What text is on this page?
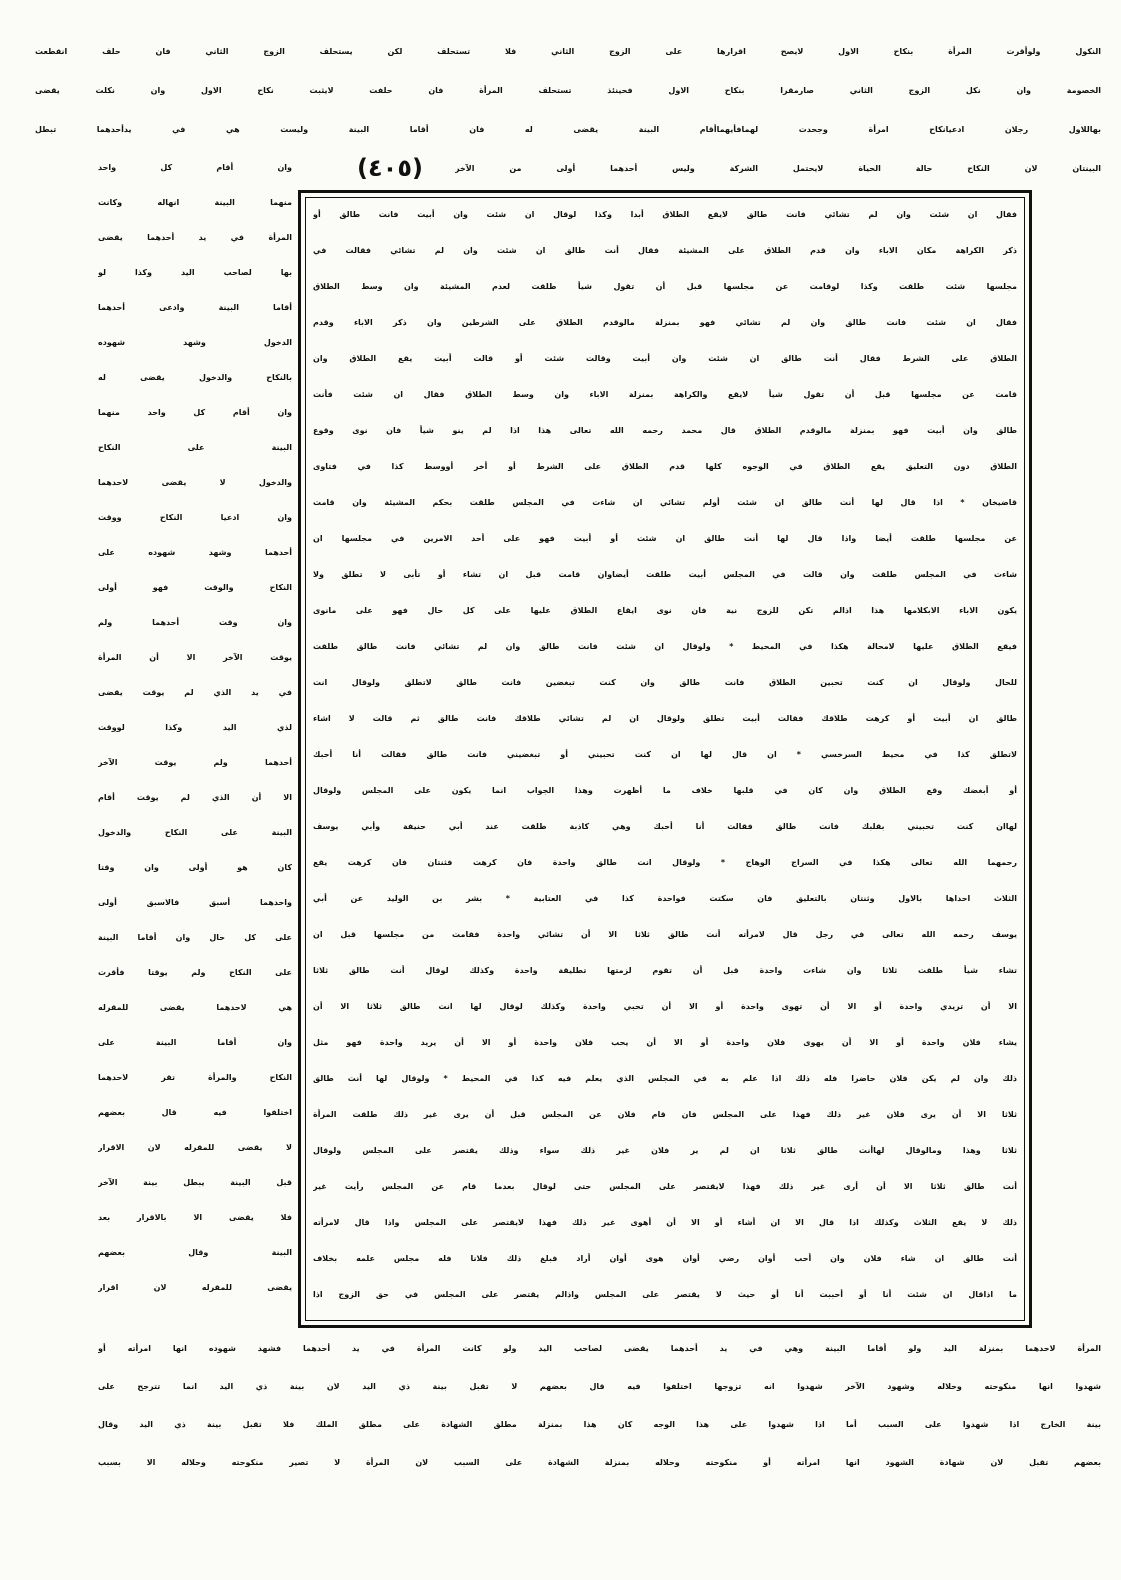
النكول ولوأقرت المرأة بنكاح الاول لايصح اقرارها على الزوج الثاني فلا تستحلف لكن يستحلف الزوج الثاني فان حلف انقطعت
الخصومة وان نكل الزوج الثاني صارمقرا بنكاح الاول فحينئذ تستحلف المرأة فان حلفت لايثبت نكاح الاول وان نكلت يقضى
بهاللاول رجلان ادعيانكاح امرأة وجحدت لهمافأيهماأقام البينة يقضى له فان أقاما البينة وليست هي في يدأحدهما تبطل
البينتان لان النكاح حالة الحياة لايحتمل الشركة وليس أحدهما أولى من الآخر
(٤٠٥)
وان أقام كل واحد
منهما البينة انهاله وكانت
المرأة في يد أحدهما يقضى
بها لصاحب اليد وكذا لو
أقاما البينة وادعى أحدهما
الدخول وشهد شهوده
بالنكاح والدخول يقضى له
وان أقام كل واحد منهما
البينة على النكاح
والدخول لا يقضى لاحدهما
وان ادعيا النكاح ووقت
أحدهما وشهد شهوده على
النكاح والوقت فهو أولى
وان وقت أحدهما ولم
يوقت الآخر الا أن المرأة
في يد الذي لم يوقت يقضى
لذي اليد وكذا لووقت
أحدهما ولم يوقت الآخر
الا أن الذي لم يوقت أقام
البينة على النكاح والدخول
كان هو أولى وان وقتا
واحدهما أسبق فالاسبق أولى
على كل حال وان أقاما البينة
على النكاح ولم يوقتا فأقرت
هي لاحدهما يقضى للمقرله
وان أقاما البينة على
النكاح والمرأة تقر لاحدهما
اختلفوا فيه قال بعضهم
لا يقضى للمقرله لان الاقرار
قبل البينة يبطل بينة الآخر
فلا يقضى الا بالاقرار بعد
البينة وقال بعضهم
يقضى للمقرله لان اقرار
فقال ان شئت وان لم تشائي فانت طالق لايقع الطلاق أبدا وكذا لوقال ان شئت وان أبيت فانت طالق أو
ذكر الكراهة مكان الاباء وان قدم الطلاق على المشيئة فقال أنت طالق ان شئت وان لم تشائي فقالت في
مجلسها شئت طلقت وكذا لوقامت عن مجلسها قبل أن تقول شيأ طلقت لعدم المشيئة وان وسط الطلاق
فقال ان شئت فانت طالق وان لم تشائي فهو بمنزلة مالوقدم الطلاق على الشرطين وان ذكر الاباء وقدم
الطلاق على الشرط فقال أنت طالق ان شئت وان أبيت وقالت شئت أو قالت أبيت يقع الطلاق وان
قامت عن مجلسها قبل أن تقول شيأ لايقع والكراهة بمنزلة الاباء وان وسط الطلاق فقال ان شئت فأنت
طالق وان أبيت فهو بمنزلة مالوقدم الطلاق قال محمد رحمه الله تعالى هذا اذا لم ينو شيأ فان نوى وقوع
الطلاق دون التعليق يقع الطلاق في الوجوه كلها قدم الطلاق على الشرط أو أخر أووسط كذا في فتاوى
قاضيخان * اذا قال لها أنت طالق ان شئت أولم تشائي ان شاءت في المجلس طلقت بحكم المشيئة وان قامت
عن مجلسها طلقت أيضا واذا قال لها أنت طالق ان شئت أو أبيت فهو على أحد الامرين في مجلسها ان
شاءت في المجلس طلقت وان قالت في المجلس أبيت طلقت أيضاوان قامت قبل ان تشاء أو تأبى لا تطلق ولا
يكون الاباء الابكلامها هذا اذالم تكن للزوج نية فان نوى ايقاع الطلاق عليها على كل حال فهو على مانوى
فيقع الطلاق عليها لامحالة هكذا في المحيط * ولوقال ان شئت فانت طالق وان لم تشائي فانت طالق طلقت
للحال ولوقال ان كنت تحبين الطلاق فانت طالق وان كنت تبغضين فانت طالق لاتطلق ولوقال انت
طالق ان أبيت أو كرهت طلاقك فقالت أبيت تطلق ولوقال ان لم تشائي طلاقك فانت طالق ثم قالت لا اشاء
لاتطلق كذا في محيط السرخسي * ان قال لها ان كنت تحبيني أو تبغضيني فانت طالق فقالت أنا أحبك
أو أبغضك وقع الطلاق وان كان في قلبها خلاف ما أظهرت وهذا الجواب انما يكون على المجلس ولوقال
لهاان كنت تحبيني بقلبك فانت طالق فقالت أنا أحبك وهي كاذبة طلقت عند أبي حنيفة وأبي يوسف
رحمهما الله تعالى هكذا في السراج الوهاج * ولوقال انت طالق واحدة فان كرهت فثنتان فان كرهت يقع
الثلاث احداها بالاول وثنتان بالتعليق فان سكتت فواحدة كذا في العتابية * بشر بن الوليد عن أبي
يوسف رحمه الله تعالى في رجل قال لامرأته أنت طالق ثلاثا الا أن تشائي واحدة فقامت من مجلسها قبل ان
تشاء شيأ طلقت ثلاثا وان شاءت واحدة قبل أن تقوم لزمتها تطليقة واحدة وكذلك لوقال أنت طالق ثلاثا
الا أن تريدي واحدة أو الا أن تهوى واحدة أو الا أن تحبي واحدة وكذلك لوقال لها انت طالق ثلاثا الا أن
يشاء فلان واحدة أو الا أن يهوى فلان واحدة أو الا أن يحب فلان واحدة أو الا أن يريد واحدة فهو مثل
ذلك وان لم يكن فلان حاضرا فله ذلك اذا علم به في المجلس الذي يعلم فيه كذا في المحيط * ولوقال لها أنت طالق
ثلاثا الا أن يرى فلان غير ذلك فهذا على المجلس فان قام فلان عن المجلس قبل أن يرى غير ذلك طلقت المرأة
ثلاثا وهذا ومالوقال لهاأنت طالق ثلاثا ان لم ير فلان غير ذلك سواء وذلك يقتصر على المجلس ولوقال
أنت طالق ثلاثا الا أن أرى غير ذلك فهذا لايقتصر على المجلس حتى لوقال بعدما قام عن المجلس رأيت غير
ذلك لا يقع الثلاث وكذلك اذا قال الا ان أشاء أو الا أن أهوى غير ذلك فهذا لايقتصر على المجلس واذا قال لامرأته
أنت طالق ان شاء فلان وان أحب أوان رضي أوان هوى أوان أراد فبلغ ذلك فلانا فله مجلس علمه بخلاف
ما اذاقال ان شئت أنا أو أحببت أنا أو حيث لا يقتصر على المجلس واذالم يقتصر على المجلس في حق الزوج اذا
المرأة لاحدهما بمنزلة اليد ولو أقاما البينة وهي في يد أحدهما يقضى لصاحب اليد ولو كانت المرأة في يد أحدهما فشهد شهوده انها امرأته أو
شهدوا انها منكوحته وحلاله وشهود الآخر شهدوا انه تزوجها اختلفوا فيه قال بعضهم لا تقبل بينة ذي اليد لان بينة ذي اليد انما تترجح على
بينة الخارج اذا شهدوا على السبب أما اذا شهدوا على هذا الوجه كان هذا بمنزلة مطلق الشهادة على مطلق الملك فلا تقبل بينة ذي اليد وقال
بعضهم تقبل لان شهادة الشهود انها امرأته أو منكوحته وحلاله بمنزلة الشهادة على السبب لان المرأة لا تصير منكوحته وحلاله الا بسبب
